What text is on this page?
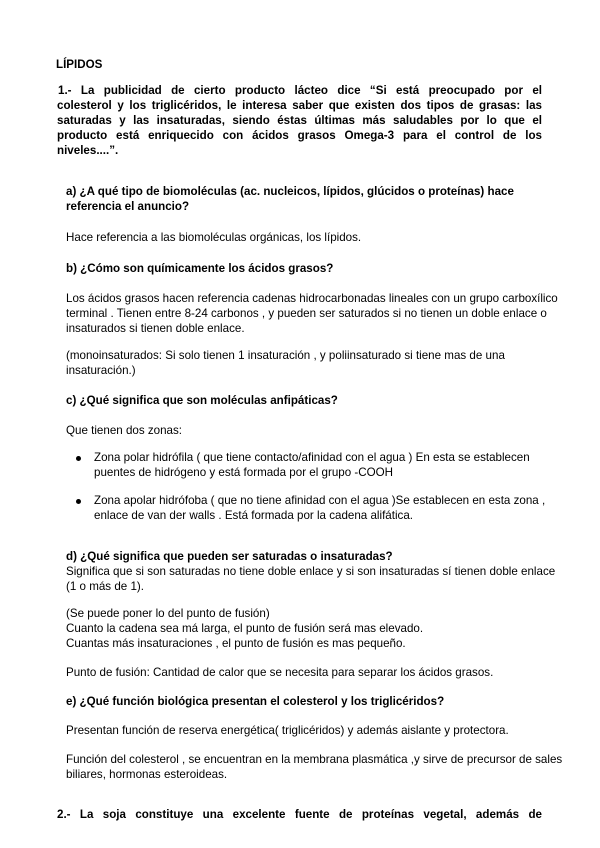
LÍPIDOS

1.- La publicidad de cierto producto lácteo dice “Si está preocupado por el

colesterol y los triglicéridos, le interesa saber que existen dos tipos de grasas: las

saturadas y las insaturadas, siendo éstas últimas más saludables por lo que el

producto está enriquecido con ácidos grasos Omega-3 para el control de los

niveles....”.

a) ¿A qué tipo de biomoléculas (ac. nucleicos, lípidos, glúcidos o proteínas) hace

referencia el anuncio?

Hace referencia a las biomoléculas orgánicas, los lípidos.

b) ¿Cómo son químicamente los ácidos grasos?

Los ácidos grasos hacen referencia cadenas hidrocarbonadas lineales con un grupo carboxílico

terminal . Tienen entre 8-24 carbonos , y pueden ser saturados si no tienen un doble enlace o

insaturados si tienen doble enlace.

(monoinsaturados: Si solo tienen 1 insaturación , y poliinsaturado si tiene mas de una

insaturación.)

c) ¿Qué significa que son moléculas anfipáticas?

Que tienen dos zonas:

Zona polar hidrófila ( que tiene contacto/afinidad con el agua ) En esta se establecen

puentes de hidrógeno y está formada por el grupo -COOH

Zona apolar hidrófoba ( que no tiene afinidad con el agua )Se establecen en esta zona ,

enlace de van der walls . Está formada por la cadena alifática.

d) ¿Qué significa que pueden ser saturadas o insaturadas?

Significa que si son saturadas no tiene doble enlace y si son insaturadas sí tienen doble enlace

(1 o más de 1).

(Se puede poner lo del punto de fusión)

Cuanto la cadena sea má larga, el punto de fusión será mas elevado.

Cuantas más insaturaciones , el punto de fusión es mas pequeño.

Punto de fusión: Cantidad de calor que se necesita para separar los ácidos grasos.

e) ¿Qué función biológica presentan el colesterol y los triglicéridos?

Presentan función de reserva energética( triglicéridos) y además aislante y protectora.

Función del colesterol , se encuentran en la membrana plasmática ,y sirve de precursor de sales

biliares, hormonas esteroideas.

2.- La soja constituye una excelente fuente de proteínas vegetal, además de
